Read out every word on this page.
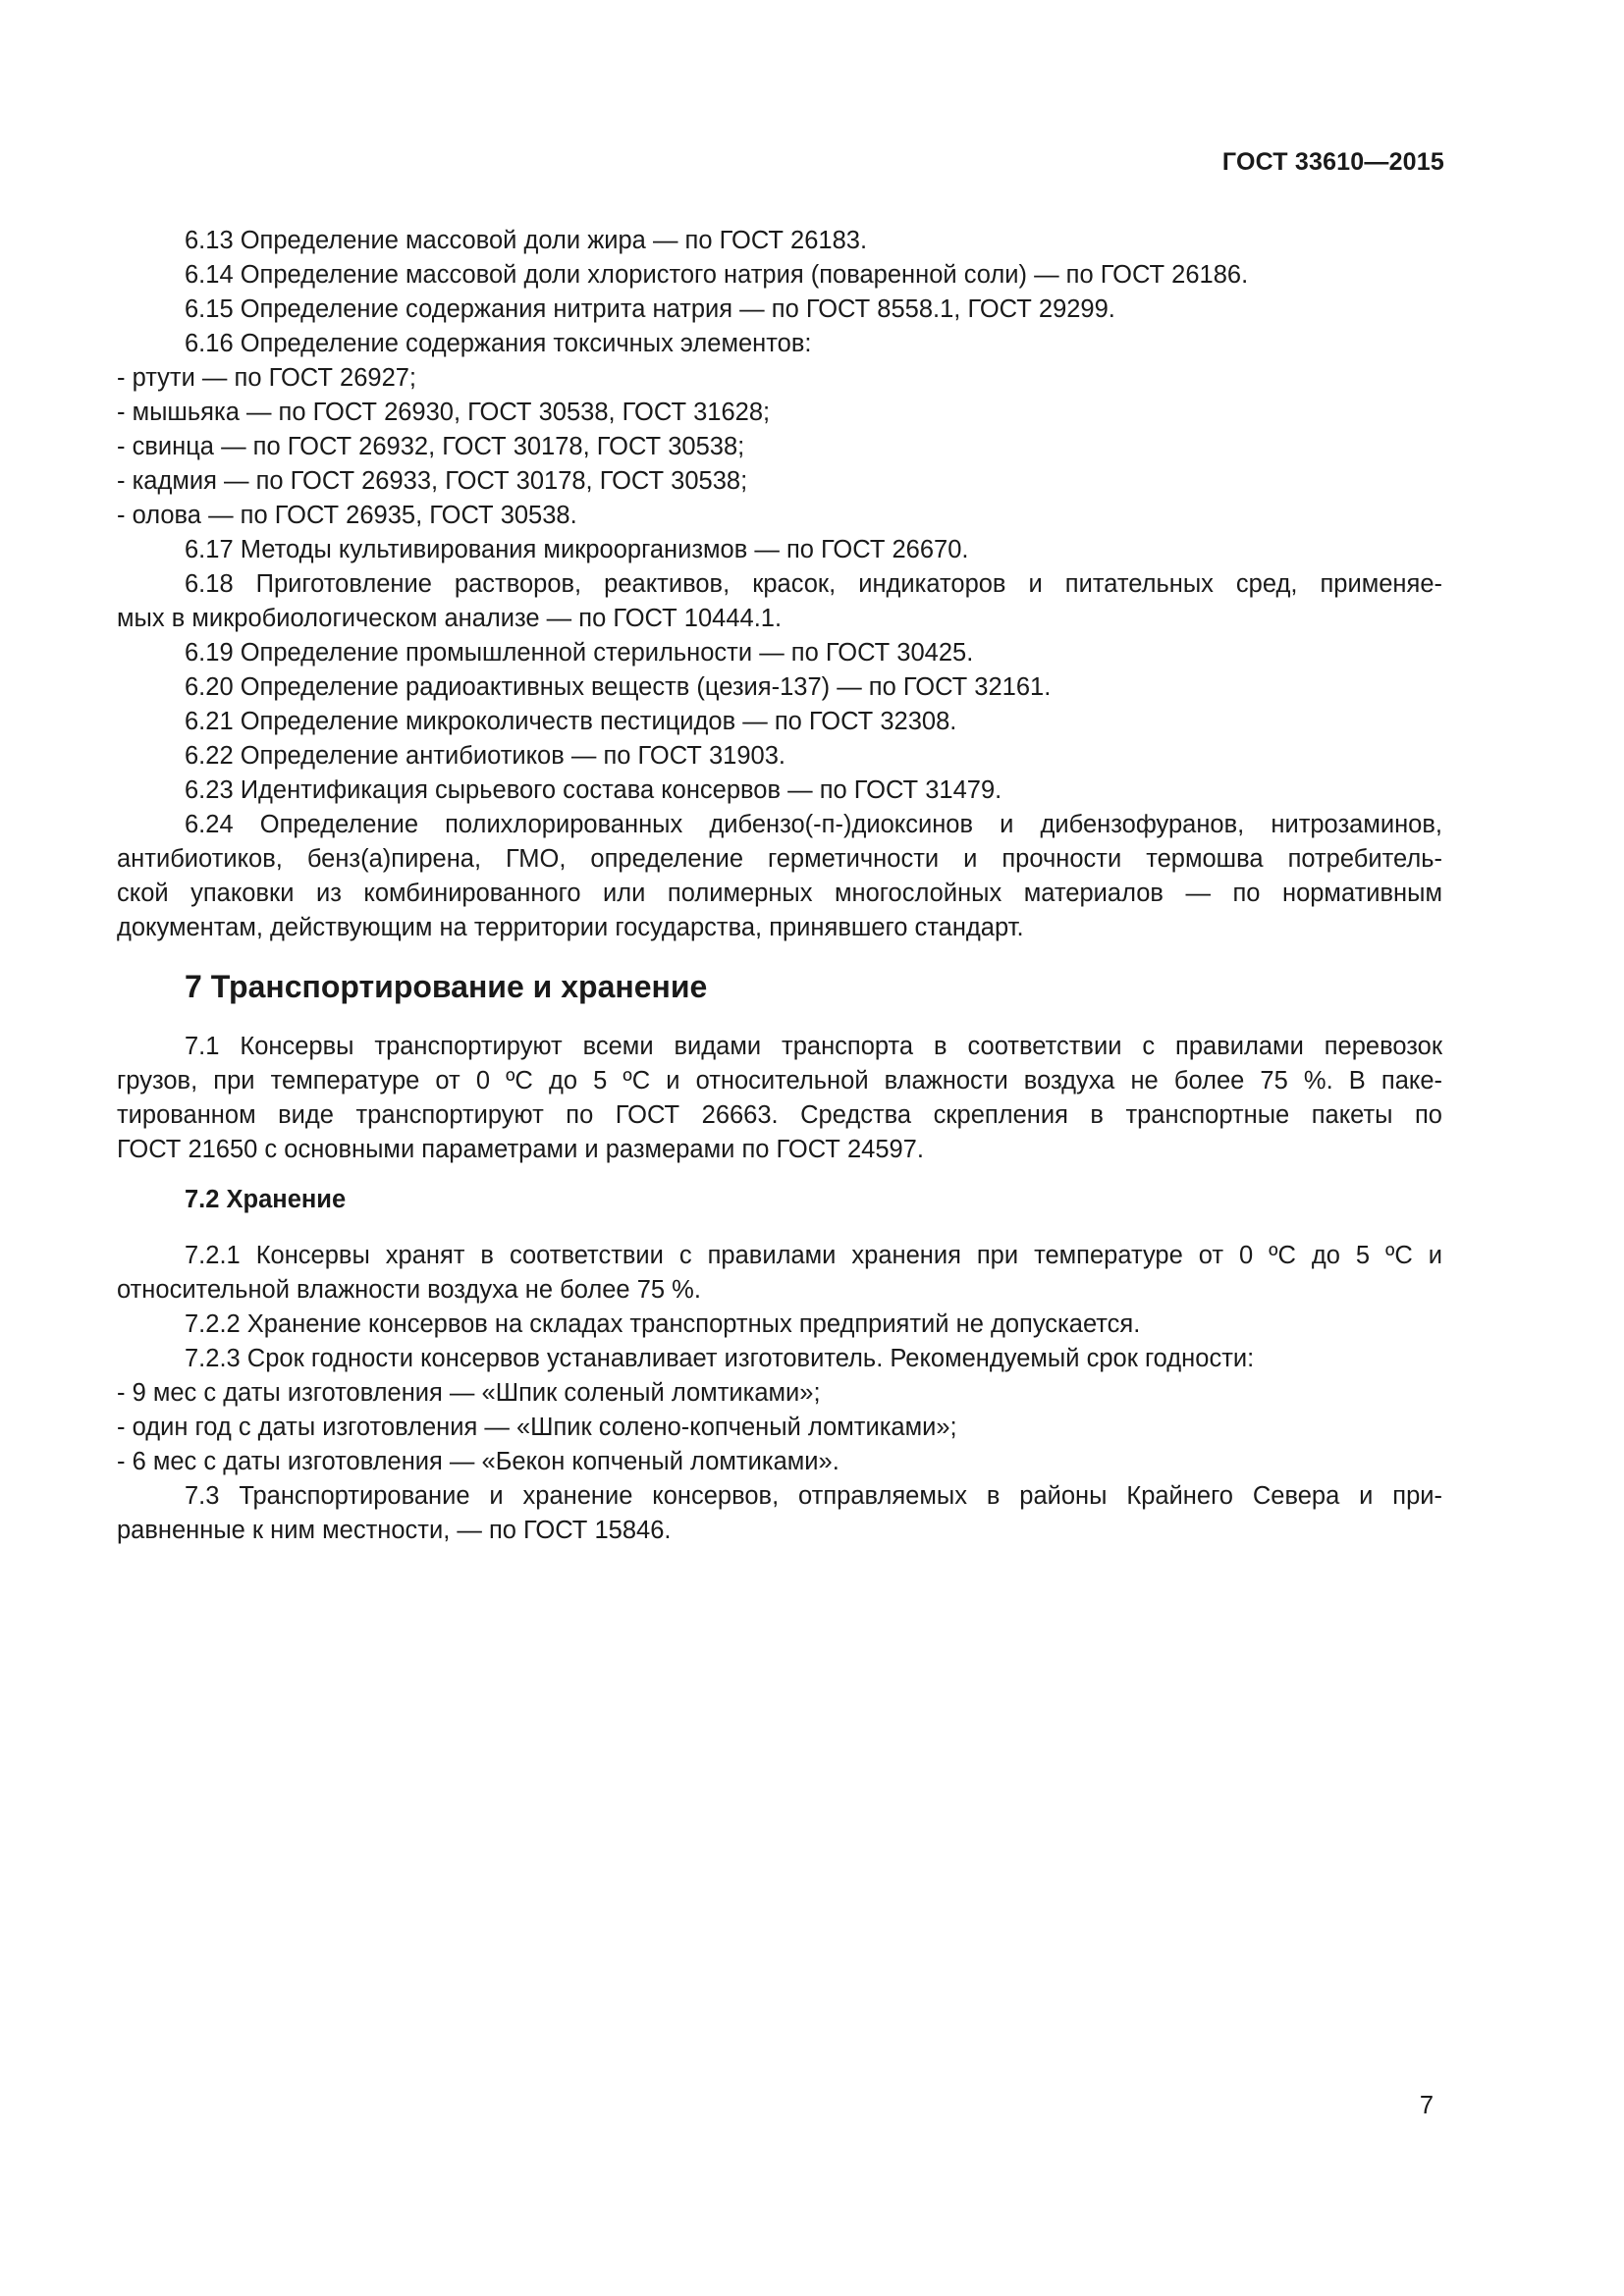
ГОСТ 33610—2015
6.13 Определение массовой доли жира — по ГОСТ 26183.
6.14 Определение массовой доли хлористого натрия (поваренной соли) — по ГОСТ 26186.
6.15 Определение содержания нитрита натрия — по ГОСТ 8558.1, ГОСТ 29299.
6.16 Определение содержания токсичных элементов:
- ртути — по ГОСТ 26927;
- мышьяка — по ГОСТ 26930, ГОСТ 30538, ГОСТ 31628;
- свинца — по ГОСТ 26932, ГОСТ 30178, ГОСТ 30538;
- кадмия — по ГОСТ 26933, ГОСТ 30178, ГОСТ 30538;
- олова — по ГОСТ 26935, ГОСТ 30538.
6.17 Методы культивирования микроорганизмов — по ГОСТ 26670.
6.18 Приготовление растворов, реактивов, красок, индикаторов и питательных сред, применяе-
мых в микробиологическом анализе — по ГОСТ 10444.1.
6.19 Определение промышленной стерильности — по ГОСТ 30425.
6.20 Определение радиоактивных веществ (цезия-137) — по ГОСТ 32161.
6.21 Определение микроколичеств пестицидов — по ГОСТ 32308.
6.22 Определение антибиотиков — по ГОСТ 31903.
6.23 Идентификация сырьевого состава консервов — по ГОСТ 31479.
6.24 Определение полихлорированных дибензо(-п-)диоксинов и дибензофуранов, нитрозаминов,
антибиотиков, бенз(а)пирена, ГМО, определение герметичности и прочности термошва потребитель-
ской упаковки из комбинированного или полимерных многослойных материалов — по нормативным
документам, действующим на территории государства, принявшего стандарт.
7 Транспортирование и хранение
7.1 Консервы транспортируют всеми видами транспорта в соответствии с правилами перевозок
грузов, при температуре от 0 ºС до 5 ºС и относительной влажности воздуха не более 75 %. В паке-
тированном виде транспортируют по ГОСТ 26663. Средства скрепления в транспортные пакеты по
ГОСТ 21650 с основными параметрами и размерами по ГОСТ 24597.
7.2 Хранение
7.2.1 Консервы хранят в соответствии с правилами хранения при температуре от 0 ºС до 5 ºС и
относительной влажности воздуха не более 75 %.
7.2.2 Хранение консервов на складах транспортных предприятий не допускается.
7.2.3 Срок годности консервов устанавливает изготовитель. Рекомендуемый срок годности:
- 9 мес с даты изготовления — «Шпик соленый ломтиками»;
- один год с даты изготовления — «Шпик солено-копченый ломтиками»;
- 6 мес с даты изготовления — «Бекон копченый ломтиками».
7.3 Транспортирование и хранение консервов, отправляемых в районы Крайнего Севера и при-
равненные к ним местности, — по ГОСТ 15846.
7
